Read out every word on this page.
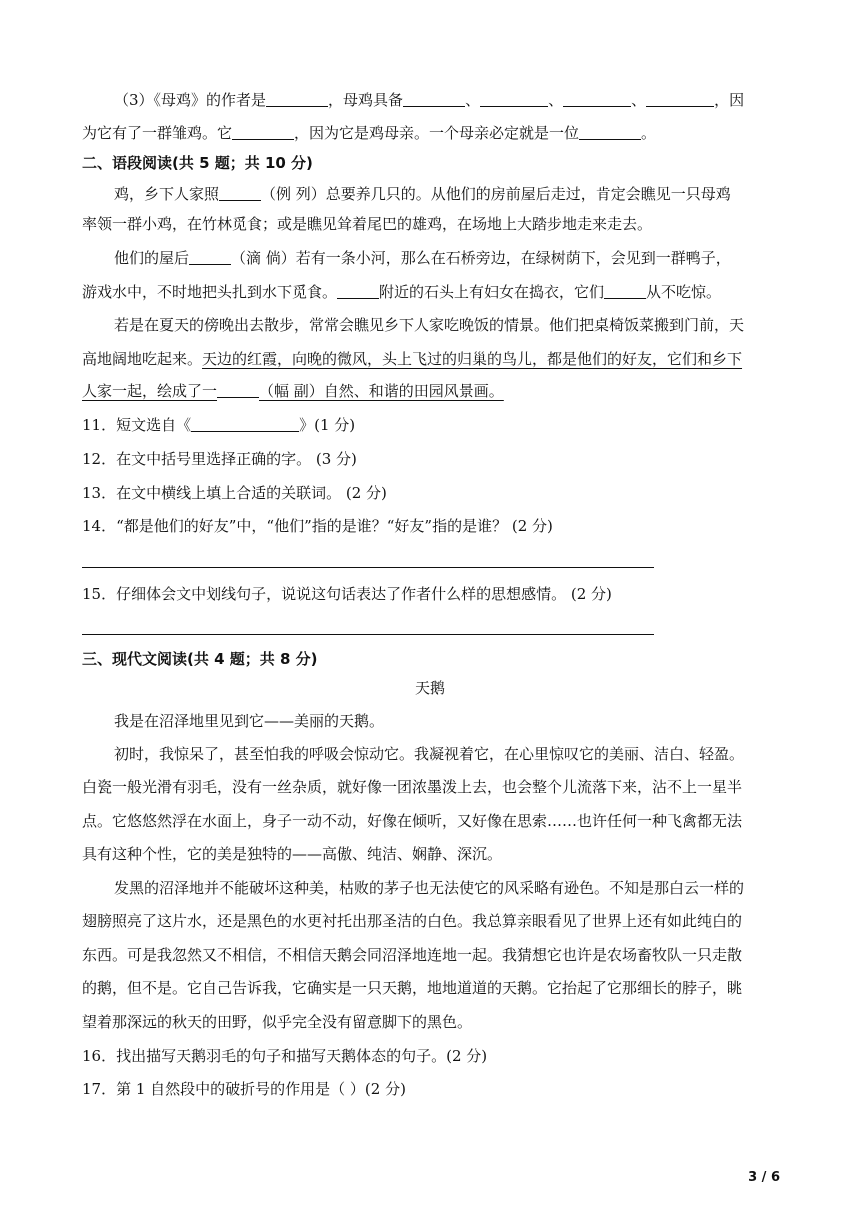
（3）《母鸡》的作者是	，母鸡具备	、	、	、	，因
为它有了一群雏鸡。它	，因为它是鸡母亲。一个母亲必定就是一位	。
二、语段阅读(共 5 题；共 10 分)
鸡，乡下人家照	（例 列）总要养几只的。从他们的房前屋后走过，肯定会瞧见一只母鸡
率领一群小鸡，在竹林觅食；或是瞧见耸着尾巴的雄鸡，在场地上大踏步地走来走去。
他们的屋后	（滴 倘）若有一条小河，那么在石桥旁边，在绿树荫下，会见到一群鸭子，
游戏水中，不时地把头扎到水下觅食。	附近的石头上有妇女在捣衣，它们	从不吃惊。
若是在夏天的傍晚出去散步，常常会瞧见乡下人家吃晚饭的情景。他们把桌椅饭菜搬到门前，天
高地阔地吃起来。天边的红霞，向晚的微风，头上飞过的归巢的鸟儿，都是他们的好友，它们和乡下
人家一起，绘成了一	（幅 副）自然、和谐的田园风景画。
11．短文选自《	》(1 分)
12．在文中括号里选择正确的字。 (3 分)
13．在文中横线上填上合适的关联词。 (2 分)
14．“都是他们的好友”中，“他们”指的是谁？“好友”指的是谁？ (2 分)
15．仔细体会文中划线句子，说说这句话表达了作者什么样的思想感情。 (2 分)
三、现代文阅读(共 4 题；共 8 分)
天鹅
我是在沼泽地里见到它——美丽的天鹅。
初时，我惊呆了，甚至怕我的呼吸会惊动它。我凝视着它，在心里惊叹它的美丽、洁白、轻盈。
白瓷一般光滑有羽毛，没有一丝杂质，就好像一团浓墨泼上去，也会整个儿流落下来，沾不上一星半
点。它悠悠然浮在水面上，身子一动不动，好像在倾听，又好像在思索……也许任何一种飞禽都无法
具有这种个性，它的美是独特的——高傲、纯洁、娴静、深沉。
发黑的沼泽地并不能破坏这种美，枯败的茅子也无法使它的风采略有逊色。不知是那白云一样的
翅膀照亮了这片水，还是黑色的水更衬托出那圣洁的白色。我总算亲眼看见了世界上还有如此纯白的
东西。可是我忽然又不相信，不相信天鹅会同沼泽地连地一起。我猜想它也许是农场畜牧队一只走散
的鹅，但不是。它自己告诉我，它确实是一只天鹅，地地道道的天鹅。它抬起了它那细长的脖子，眺
望着那深远的秋天的田野，似乎完全没有留意脚下的黑色。
16．找出描写天鹅羽毛的句子和描写天鹅体态的句子。(2 分)
17．第 1 自然段中的破折号的作用是（ ）(2 分)
3 / 6
